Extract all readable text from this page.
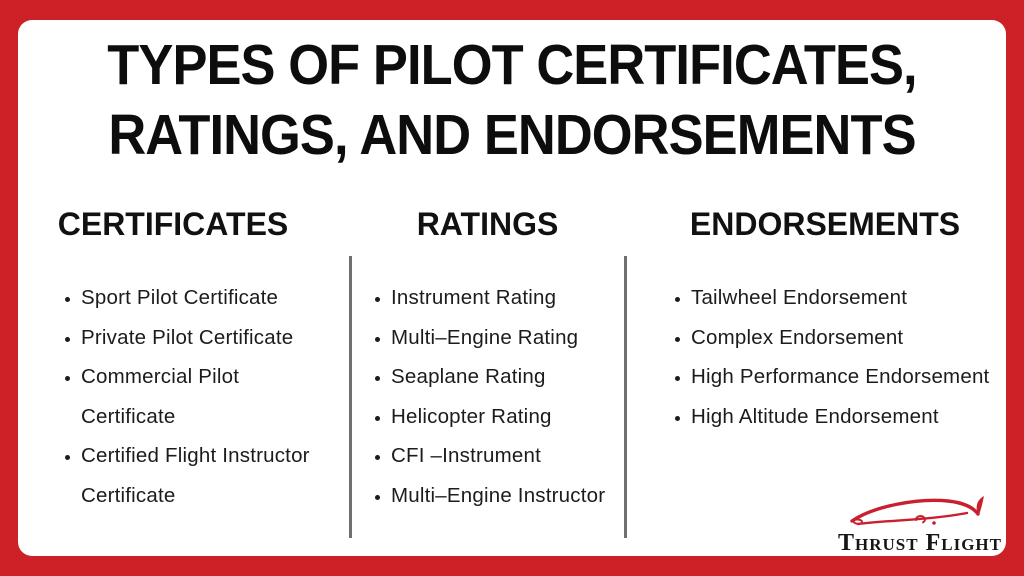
TYPES OF PILOT CERTIFICATES,
RATINGS, AND ENDORSEMENTS
CERTIFICATES	RATINGS	ENDORSEMENTS
• Sport Pilot Certificate
• Private Pilot Certificate
• Commercial Pilot Certificate
• Certified Flight Instructor Certificate
• Instrument Rating
• Multi–Engine Rating
• Seaplane Rating
• Helicopter Rating
• CFI –Instrument
• Multi–Engine Instructor
• Tailwheel Endorsement
• Complex Endorsement
• High Performance Endorsement
• High Altitude Endorsement
Thrust Flight
